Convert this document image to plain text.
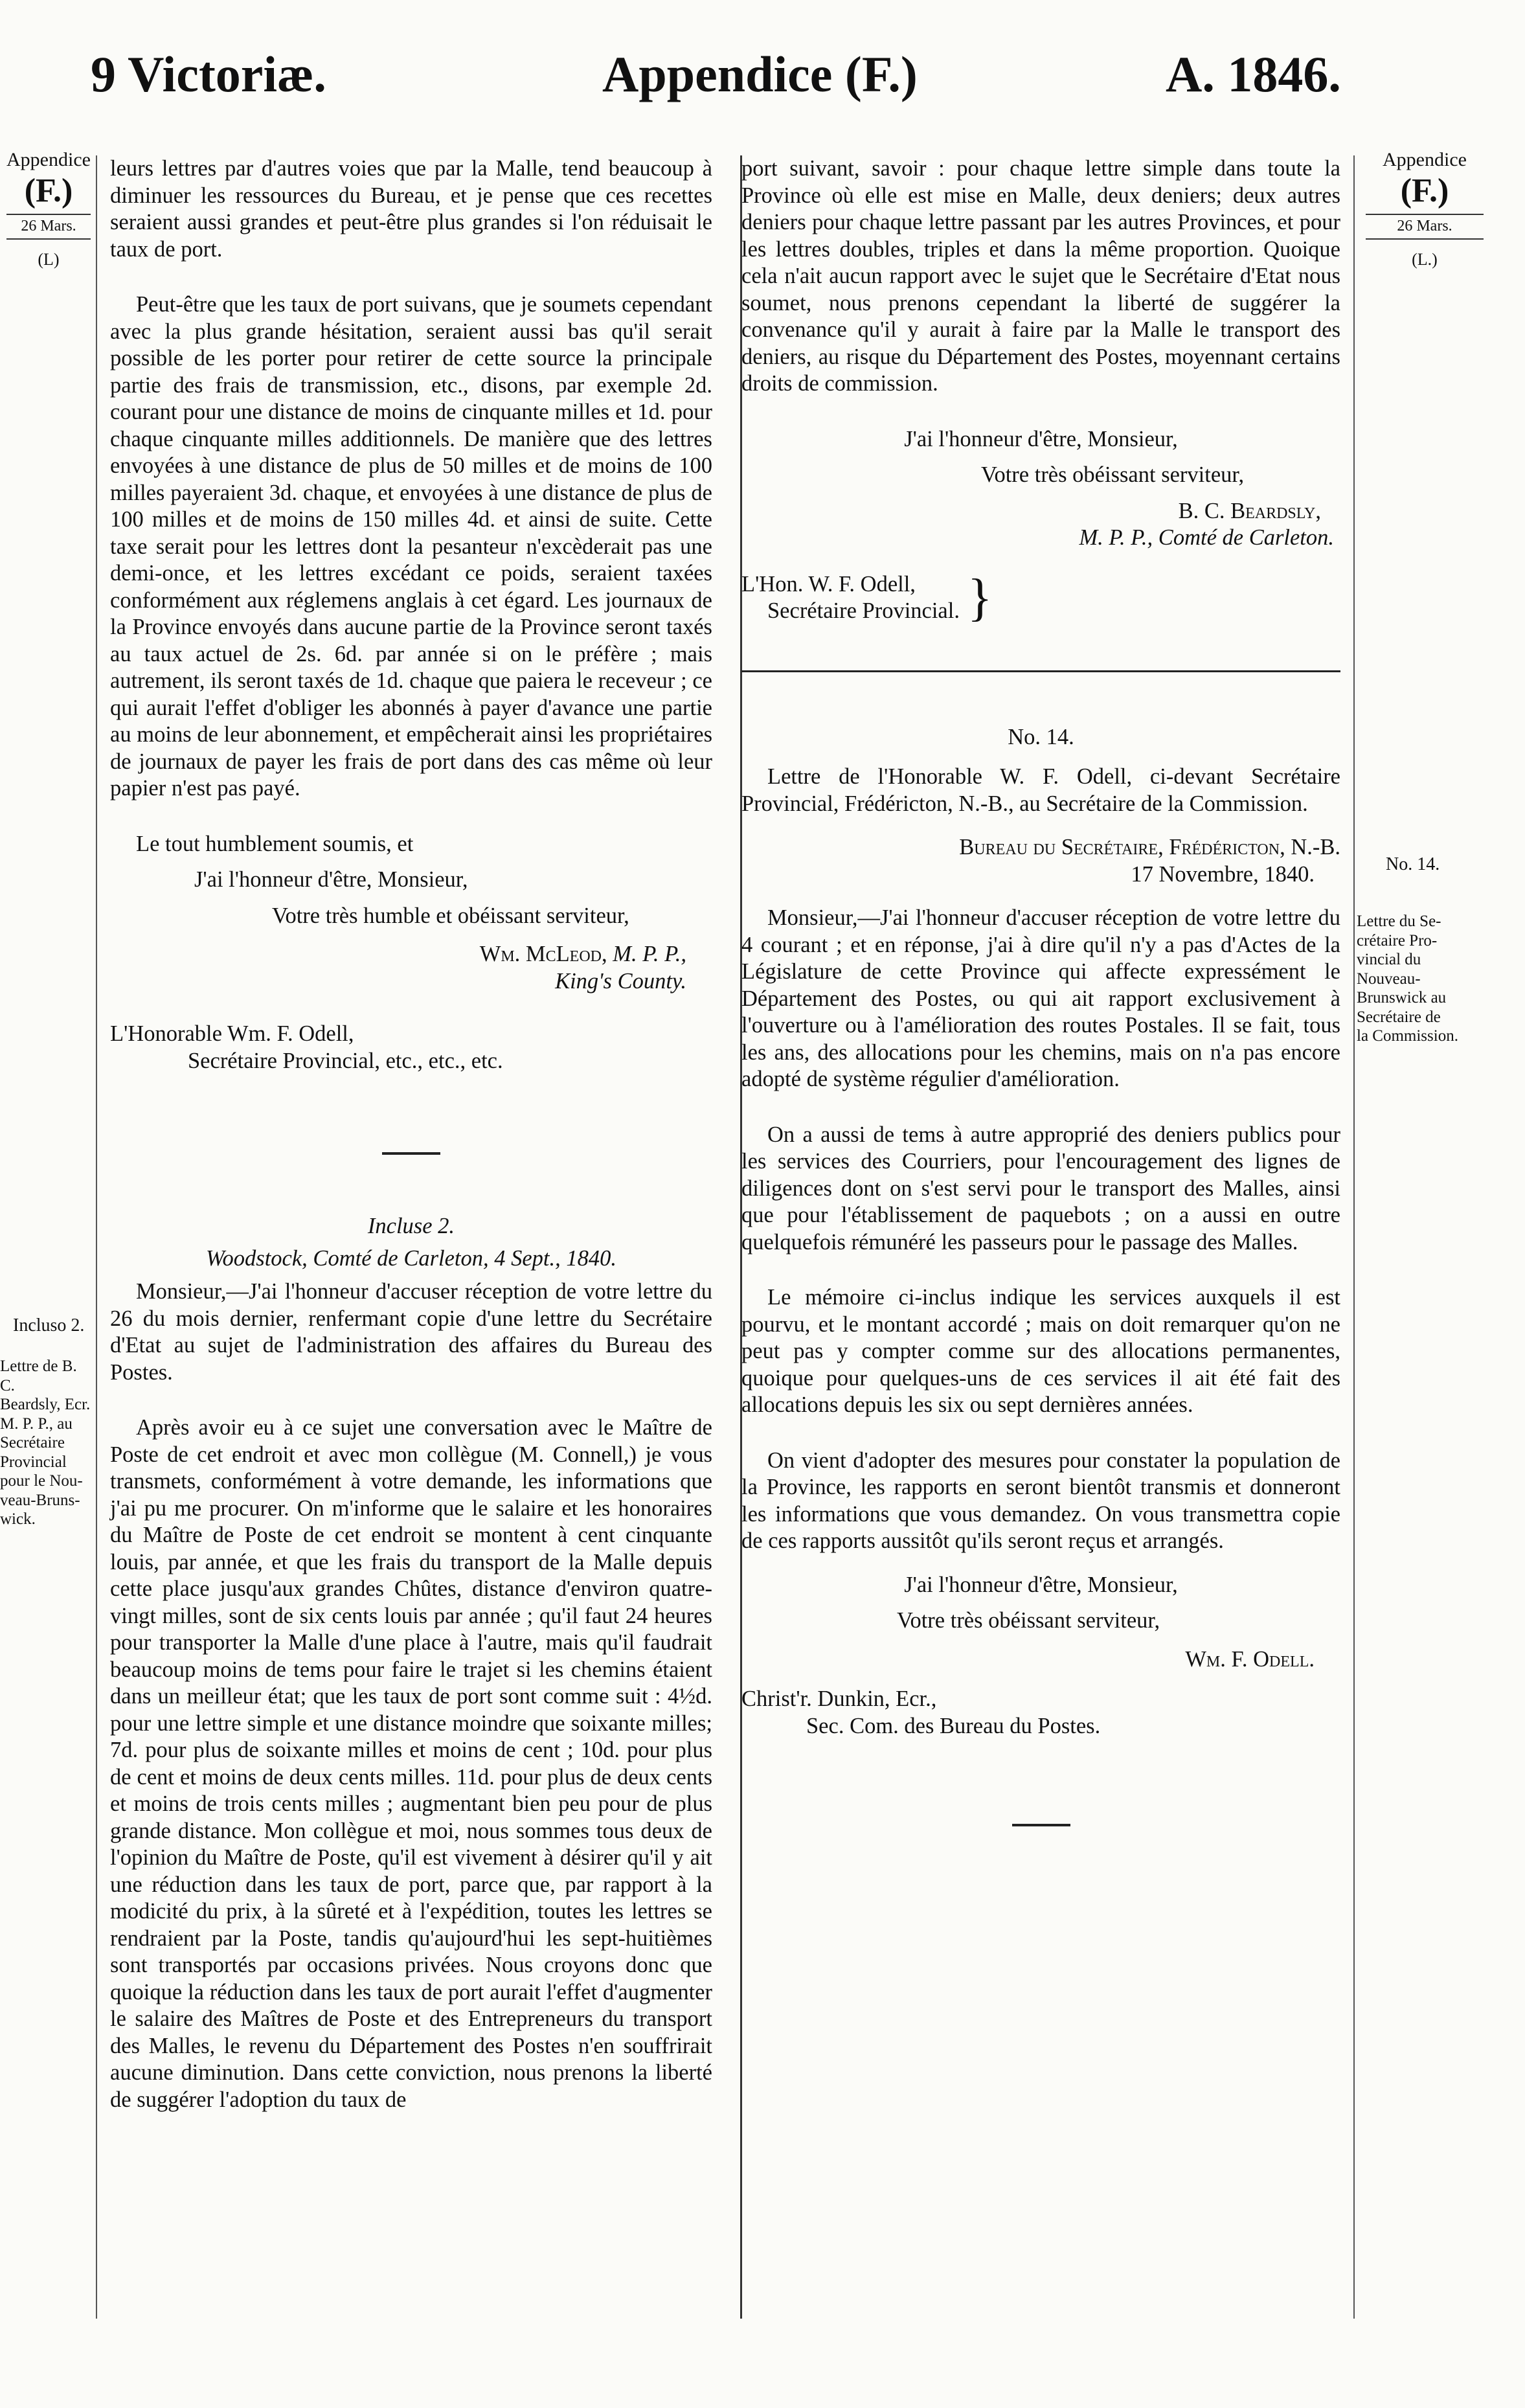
9 Victoriæ.	Appendice (F.)	A. 1846.
Appendice
(F.)
26 Mars.
(L)
Incluso 2.
Lettre de B. C.
Beardsly, Ecr.
M. P. P., au
Secrétaire
Provincial
pour le Nou-
veau-Bruns-
wick.
Appendice
(F.)
26 Mars.
(L.)
No. 14.
Lettre du Se-
crétaire Pro-
vincial du
Nouveau-
Brunswick au
Secrétaire de
la Commission.

leurs lettres par d'autres voies que par la Malle, tend beaucoup à diminuer les ressources du Bureau, et je pense que ces recettes seraient aussi grandes et peut-être plus grandes si l'on réduisait le taux de port.

Peut-être que les taux de port suivans, que je soumets cependant avec la plus grande hésitation, seraient aussi bas qu'il serait possible de les porter pour retirer de cette source la principale partie des frais de transmission, etc., disons, par exemple 2d. courant pour une distance de moins de cinquante milles et 1d. pour chaque cinquante milles additionnels. De manière que des lettres envoyées à une distance de plus de 50 milles et de moins de 100 milles payeraient 3d. chaque, et envoyées à une distance de plus de 100 milles et de moins de 150 milles 4d. et ainsi de suite. Cette taxe serait pour les lettres dont la pesanteur n'excèderait pas une demi-once, et les lettres excédant ce poids, seraient taxées conformément aux réglemens anglais à cet égard. Les journaux de la Province envoyés dans aucune partie de la Province seront taxés au taux actuel de 2s. 6d. par année si on le préfère ; mais autrement, ils seront taxés de 1d. chaque que paiera le receveur ; ce qui aurait l'effet d'obliger les abonnés à payer d'avance une partie au moins de leur abonnement, et empêcherait ainsi les propriétaires de journaux de payer les frais de port dans des cas même où leur papier n'est pas payé.

Le tout humblement soumis, et

J'ai l'honneur d'être, Monsieur,

Votre très humble et obéissant serviteur,

Wm. McLeod, M. P. P.,

King's County.

L'Honorable Wm. F. Odell,

Secrétaire Provincial, etc., etc., etc.

Incluse 2.

Woodstock, Comté de Carleton, 4 Sept., 1840.

Monsieur,—J'ai l'honneur d'accuser réception de votre lettre du 26 du mois dernier, renfermant copie d'une lettre du Secrétaire d'Etat au sujet de l'administration des affaires du Bureau des Postes.

Après avoir eu à ce sujet une conversation avec le Maître de Poste de cet endroit et avec mon collègue (M. Connell,) je vous transmets, conformément à votre demande, les informations que j'ai pu me procurer. On m'informe que le salaire et les honoraires du Maître de Poste de cet endroit se montent à cent cinquante louis, par année, et que les frais du transport de la Malle depuis cette place jusqu'aux grandes Chûtes, distance d'environ quatre-vingt milles, sont de six cents louis par année ; qu'il faut 24 heures pour transporter la Malle d'une place à l'autre, mais qu'il faudrait beaucoup moins de tems pour faire le trajet si les chemins étaient dans un meilleur état; que les taux de port sont comme suit : 4½d. pour une lettre simple et une distance moindre que soixante milles; 7d. pour plus de soixante milles et moins de cent ; 10d. pour plus de cent et moins de deux cents milles. 11d. pour plus de deux cents et moins de trois cents milles ; augmentant bien peu pour de plus grande distance. Mon collègue et moi, nous sommes tous deux de l'opinion du Maître de Poste, qu'il est vivement à désirer qu'il y ait une réduction dans les taux de port, parce que, par rapport à la modicité du prix, à la sûreté et à l'expédition, toutes les lettres se rendraient par la Poste, tandis qu'aujourd'hui les sept-huitièmes sont transportés par occasions privées. Nous croyons donc que quoique la réduction dans les taux de port aurait l'effet d'augmenter le salaire des Maîtres de Poste et des Entrepreneurs du transport des Malles, le revenu du Département des Postes n'en souffrirait aucune diminution. Dans cette conviction, nous prenons la liberté de suggérer l'adoption du taux de

port suivant, savoir : pour chaque lettre simple dans toute la Province où elle est mise en Malle, deux deniers; deux autres deniers pour chaque lettre passant par les autres Provinces, et pour les lettres doubles, triples et dans la même proportion. Quoique cela n'ait aucun rapport avec le sujet que le Secrétaire d'Etat nous soumet, nous prenons cependant la liberté de suggérer la convenance qu'il y aurait à faire par la Malle le transport des deniers, au risque du Département des Postes, moyennant certains droits de commission.

J'ai l'honneur d'être, Monsieur,

Votre très obéissant serviteur,

B. C. Beardsly,

M. P. P., Comté de Carleton.

L'Hon. W. F. Odell,

Secrétaire Provincial. }

No. 14.

Lettre de l'Honorable W. F. Odell, ci-devant Secrétaire Provincial, Frédéricton, N.-B., au Secrétaire de la Commission.

Bureau du Secrétaire, Frédéricton, N.-B.

17 Novembre, 1840.

Monsieur,—J'ai l'honneur d'accuser réception de votre lettre du 4 courant ; et en réponse, j'ai à dire qu'il n'y a pas d'Actes de la Législature de cette Province qui affecte expressément le Département des Postes, ou qui ait rapport exclusivement à l'ouverture ou à l'amélioration des routes Postales. Il se fait, tous les ans, des allocations pour les chemins, mais on n'a pas encore adopté de système régulier d'amélioration.

On a aussi de tems à autre approprié des deniers publics pour les services des Courriers, pour l'encouragement des lignes de diligences dont on s'est servi pour le transport des Malles, ainsi que pour l'établissement de paquebots ; on a aussi en outre quelquefois rémunéré les passeurs pour le passage des Malles.

Le mémoire ci-inclus indique les services auxquels il est pourvu, et le montant accordé ; mais on doit remarquer qu'on ne peut pas y compter comme sur des allocations permanentes, quoique pour quelques-uns de ces services il ait été fait des allocations depuis les six ou sept dernières années.

On vient d'adopter des mesures pour constater la population de la Province, les rapports en seront bientôt transmis et donneront les informations que vous demandez. On vous transmettra copie de ces rapports aussitôt qu'ils seront reçus et arrangés.

J'ai l'honneur d'être, Monsieur,

Votre très obéissant serviteur,

Wm. F. Odell.

Christ'r. Dunkin, Ecr.,

Sec. Com. des Bureau du Postes.
